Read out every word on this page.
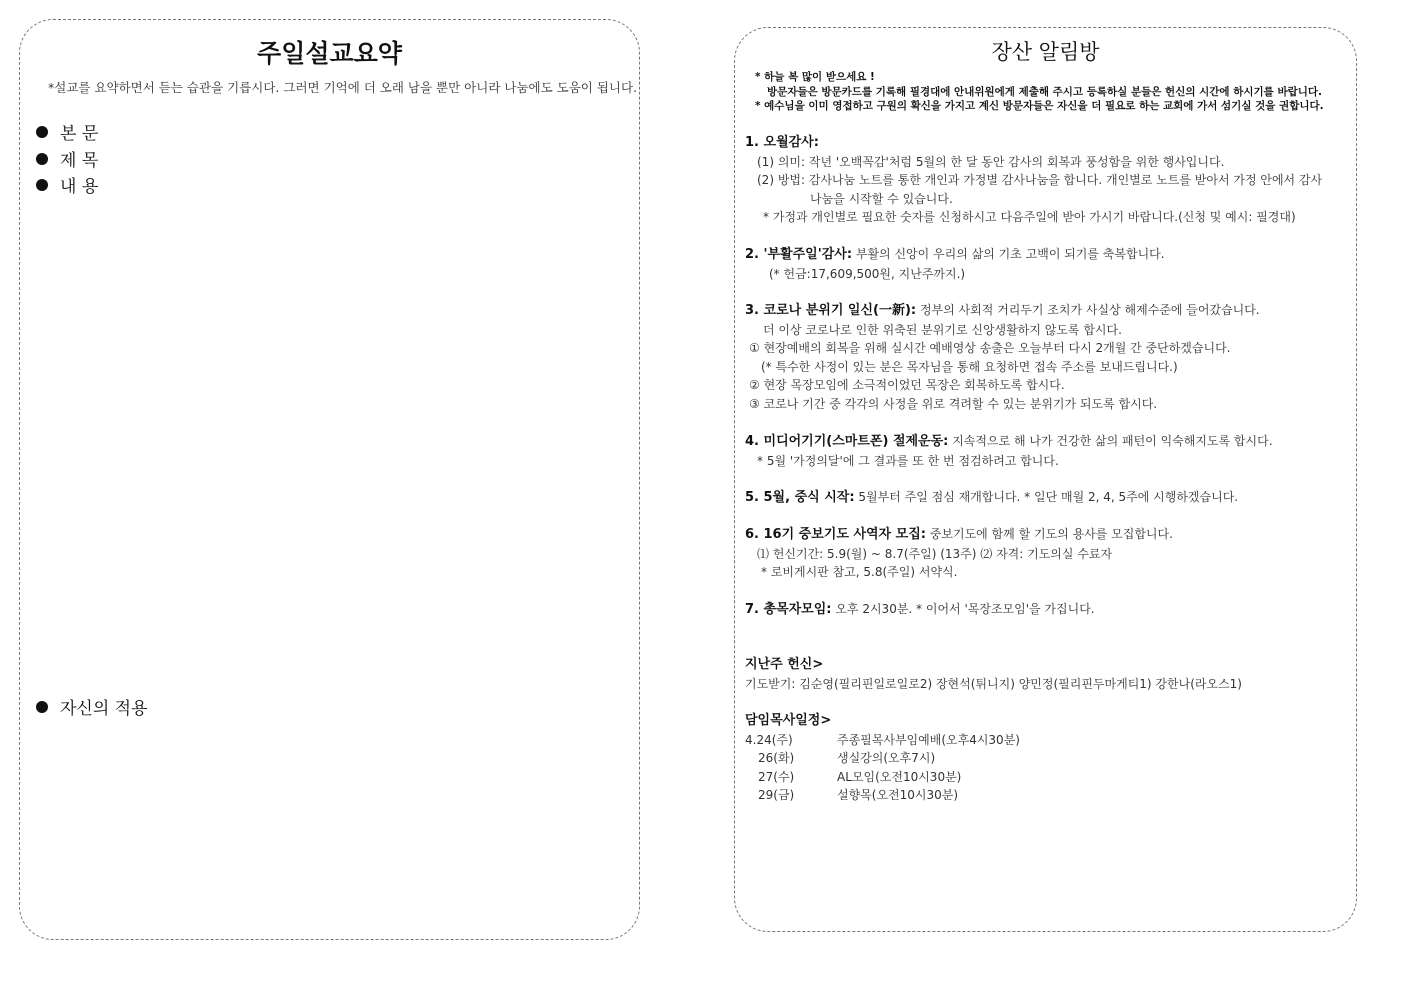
주일설교요약
*설교를 요약하면서 듣는 습관을 기릅시다. 그러면 기억에 더 오래 남을 뿐만 아니라 나눔에도 도움이 됩니다.
본 문
제 목
내 용
자신의 적용
장산 알림방
* 하늘 복 많이 받으세요 !
방문자들은 방문카드를 기록해 필경대에 안내위원에게 제출해 주시고 등록하실 분들은 헌신의 시간에 하시기를 바랍니다.
* 예수님을 이미 영접하고 구원의 확신을 가지고 계신 방문자들은 자신을 더 필요로 하는 교회에 가서 섬기실 것을 권합니다.
1. 오월감사:
(1) 의미: 작년 '오백꼭감'처럼 5월의 한 달 동안 감사의 회복과 풍성함을 위한 행사입니다.
(2) 방법: 감사나눔 노트를 통한 개인과 가정별 감사나눔을 합니다. 개인별로 노트를 받아서 가정 안에서 감사
나눔을 시작할 수 있습니다.
* 가정과 개인별로 필요한 숫자를 신청하시고 다음주일에 받아 가시기 바랍니다.(신청 및 예시: 필경대)
2. '부활주일'감사: 부활의 신앙이 우리의 삶의 기초 고백이 되기를 축복합니다.
(* 헌금:17,609,500원, 지난주까지.)
3. 코로나 분위기 일신(一新): 정부의 사회적 거리두기 조치가 사실상 해제수준에 들어갔습니다.
더 이상 코로나로 인한 위축된 분위기로 신앙생활하지 않도록 합시다.
① 현장예배의 회복을 위해 실시간 예배영상 송출은 오늘부터 다시 2개월 간 중단하겠습니다.
(* 특수한 사정이 있는 분은 목자님을 통해 요청하면 접속 주소를 보내드립니다.)
② 현장 목장모임에 소극적이었던 목장은 회복하도록 합시다.
③ 코로나 기간 중 각각의 사정을 위로 격려할 수 있는 분위기가 되도록 합시다.
4. 미디어기기(스마트폰) 절제운동: 지속적으로 해 나가 건강한 삶의 패턴이 익숙해지도록 합시다.
* 5월 '가정의달'에 그 결과를 또 한 번 점검하려고 합니다.
5. 5월, 중식 시작: 5월부터 주일 점심 재개합니다. * 일단 매월 2, 4, 5주에 시행하겠습니다.
6. 16기 중보기도 사역자 모집: 중보기도에 함께 할 기도의 용사를 모집합니다.
⑴ 헌신기간: 5.9(월) ~ 8.7(주일) (13주) ⑵ 자격: 기도의실 수료자
* 로비게시판 참고, 5.8(주일) 서약식.
7. 총목자모임: 오후 2시30분. * 이어서 '목장조모임'을 가집니다.
지난주 헌신>
기도받기: 김순영(필리핀일로일로2) 장현석(튀니지) 양민정(필리핀두마게티1) 강한나(라오스1)
담임목사일정>
4.24(주)	주종필목사부임예배(오후4시30분)
26(화)	생실강의(오후7시)
27(수)	AL모임(오전10시30분)
29(금)	설향목(오전10시30분)
